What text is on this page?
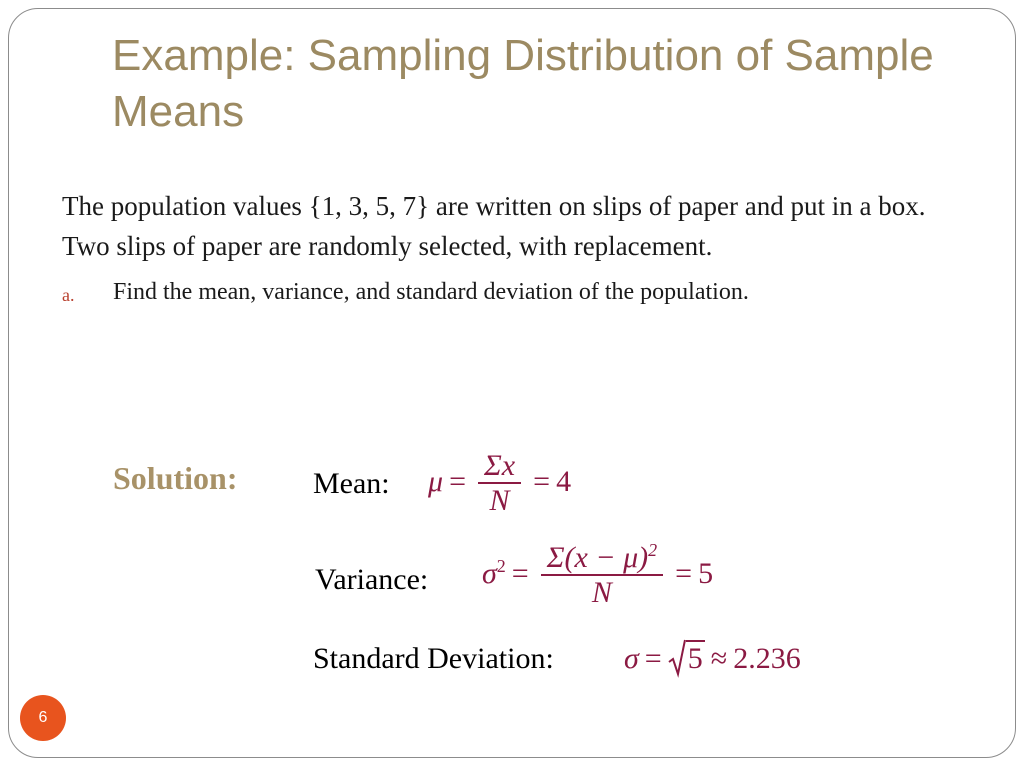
Example: Sampling Distribution of Sample Means

The population values {1, 3, 5, 7} are written on slips of paper and put in a box. Two slips of paper are randomly selected, with replacement.

a. Find the mean, variance, and standard deviation of the population.
Solution:	Mean: $\mu = \frac{\Sigma x}{N} = 4$
Variance: $\sigma^2 = \frac{\Sigma(x - \mu)^2}{N} = 5$
Standard Deviation: σ = 5 ≈ 2.236
6
